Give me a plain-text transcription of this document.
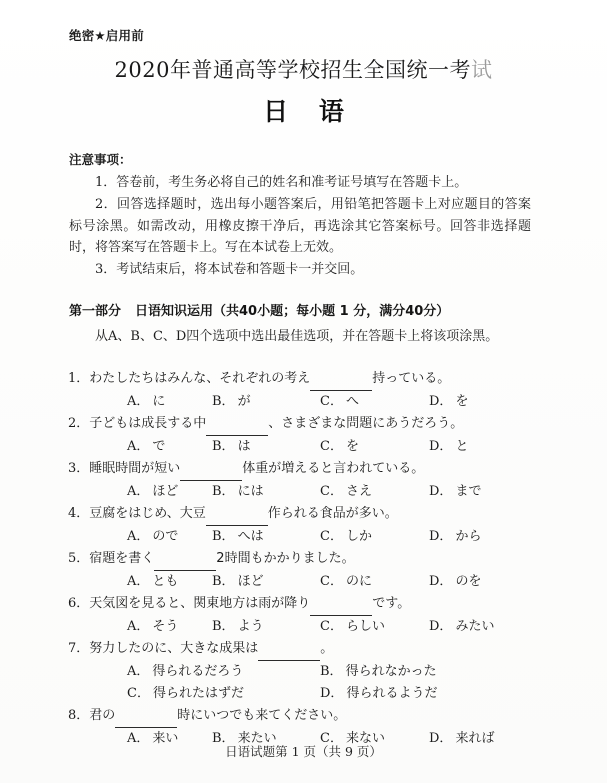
绝密★启用前
2020年普通高等学校招生全国统一考试
日 语
注意事项：
1．答卷前，考生务必将自己的姓名和准考证号填写在答题卡上。
2．回答选择题时，选出每小题答案后，用铅笔把答题卡上对应题目的答案标号涂黑。如需改动，用橡皮擦干净后，再选涂其它答案标号。回答非选择题时，将答案写在答题卡上。写在本试卷上无效。
3．考试结束后，将本试卷和答题卡一并交回。
第一部分 日语知识运用（共40小题；每小题 1 分，满分40分）
从A、B、C、D四个选项中选出最佳选项，并在答题卡上将该项涂黑。
1．わたしたちはみんな、それぞれの考え	持っている。
A． に	B． が	C． へ	D． を
2．子どもは成長する中	、さまざまな問題にあうだろう。
A． で	B． は	C． を	D． と
3．睡眠時間が短い	体重が増えると言われている。
A． ほど	B． には	C． さえ	D． まで
4．豆腐をはじめ、大豆	作られる食品が多い。
A． ので	B． へは	C． しか	D． から
5．宿題を書く	2時間もかかりました。
A． とも	B． ほど	C． のに	D． のを
6．天気図を見ると、関東地方は雨が降り	です。
A． そう	B． よう	C． らしい	D． みたい
7．努力したのに、大きな成果は	。
A． 得られるだろう	B． 得られなかった
C． 得られたはずだ	D． 得られるようだ
8．君の	時にいつでも来てください。
A． 来い	B． 来たい	C． 来ない	D． 来れば
日语试题第 1 页（共 9 页）
